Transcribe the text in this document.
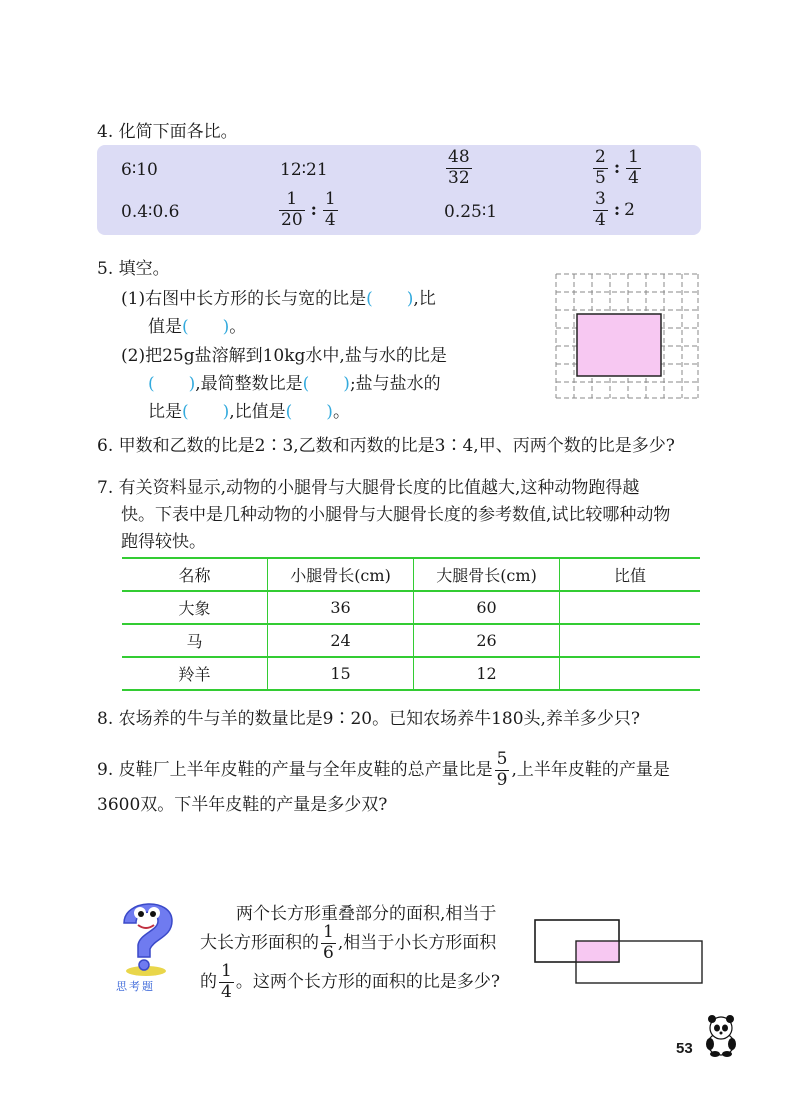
4. 化简下面各比。
6∶10	12∶21	$\frac{48}{32}$	$\frac{2}{5}$ : $\frac{1}{4}$
0.4∶0.6	$\frac{1}{20}$ : $\frac{1}{4}$	0.25∶1	$\frac{3}{4}$ : 2
5. 填空。
(1)右图中长方形的长与宽的比是(　　),比
值是(　　)。
(2)把25g盐溶解到10kg水中,盐与水的比是
(　　),最简整数比是(　　);盐与盐水的
比是(　　),比值是(　　)。
6. 甲数和乙数的比是2∶3,乙数和丙数的比是3∶4,甲、丙两个数的比是多少?
7. 有关资料显示,动物的小腿骨与大腿骨长度的比值越大,这种动物跑得越
快。下表中是几种动物的小腿骨与大腿骨长度的参考数值,试比较哪种动物
跑得较快。
名称	小腿骨长(cm)	大腿骨长(cm)	比值
大象	36	60	
马	24	26	
羚羊	15	12	
8. 农场养的牛与羊的数量比是9∶20。已知农场养牛180头,养羊多少只?
9. 皮鞋厂上半年皮鞋的产量与全年皮鞋的总产量比是 $\frac{5}{9}$ ,上半年皮鞋的产量是
3600双。下半年皮鞋的产量是多少双?
思考题
两个长方形重叠部分的面积,相当于
大长方形面积的 $\frac{1}{6}$ ,相当于小长方形面积
的 $\frac{1}{4}$ 。这两个长方形的面积的比是多少?
53
